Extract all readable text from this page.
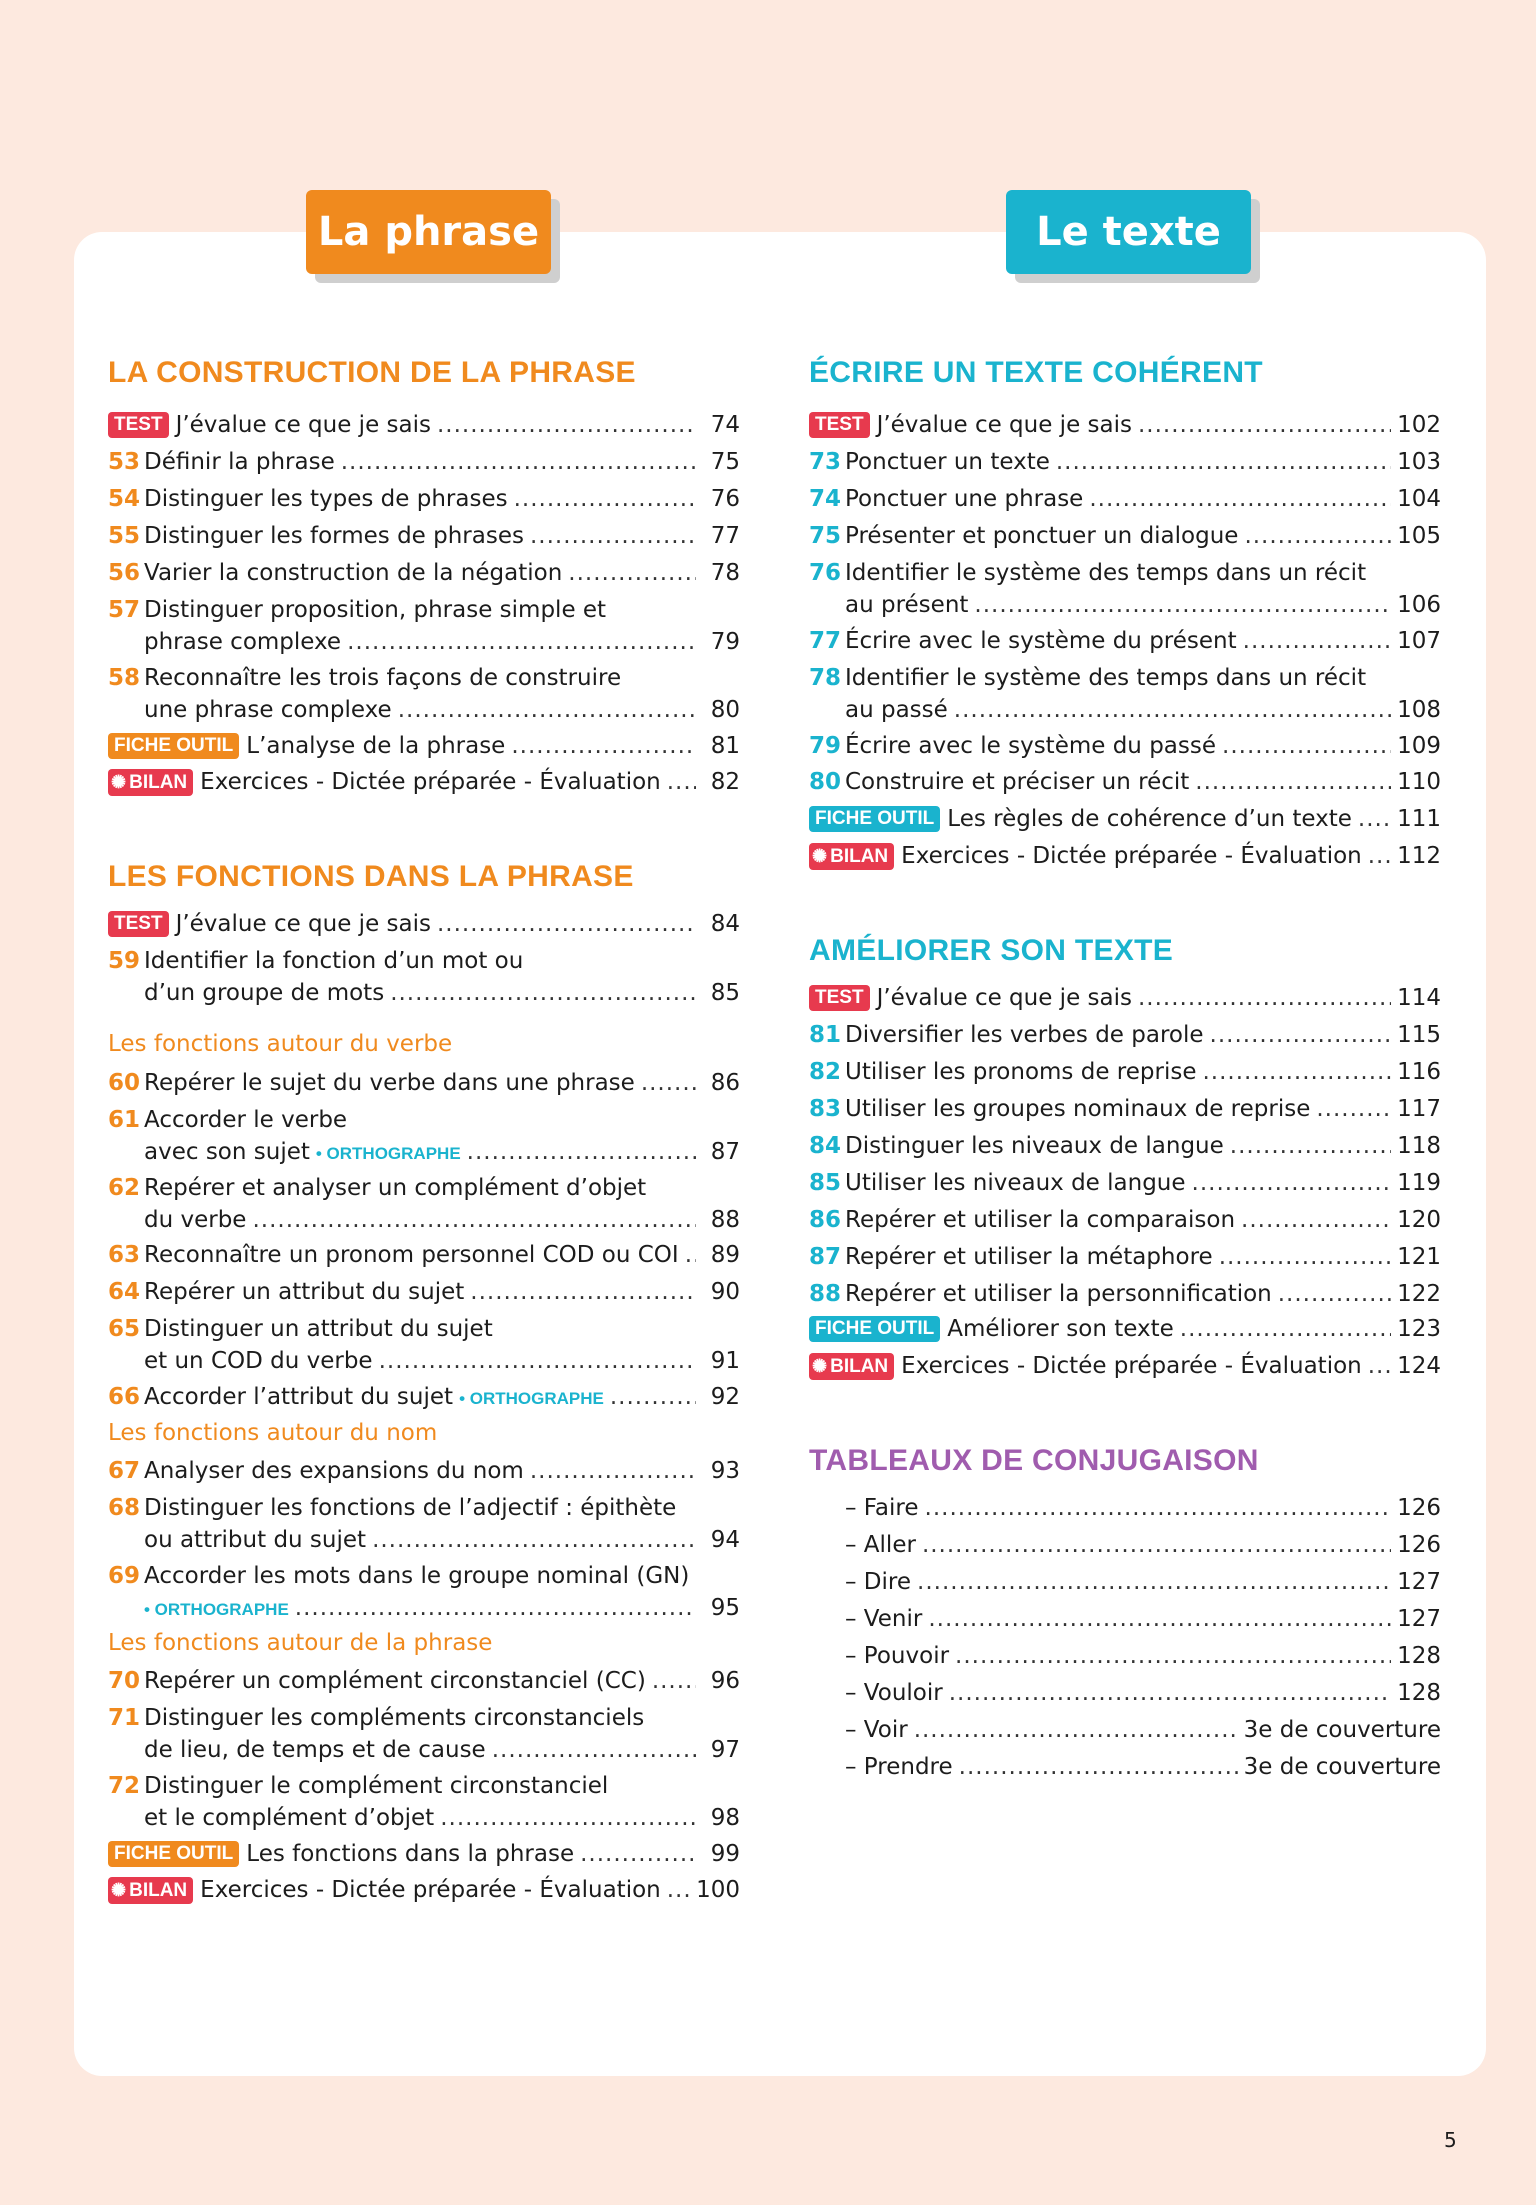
La phrase	Le texte
LA CONSTRUCTION DE LA PHRASE
TEST J’évalue ce que je sais .....	74
53 Définir la phrase .....	75
54 Distinguer les types de phrases .....	76
55 Distinguer les formes de phrases .....	77
56 Varier la construction de la négation .....	78
57 Distinguer proposition, phrase simple et
phrase complexe .....	79
58 Reconnaître les trois façons de construire
une phrase complexe .....	80
FICHE OUTIL L’analyse de la phrase .....	81
✺ BILAN Exercices - Dictée préparée - Évaluation .....	82
LES FONCTIONS DANS LA PHRASE
TEST J’évalue ce que je sais .....	84
59 Identifier la fonction d’un mot ou
d’un groupe de mots .....	85
Les fonctions autour du verbe
60 Repérer le sujet du verbe dans une phrase .....	86
61 Accorder le verbe
avec son sujet • ORTHOGRAPHE .....	87
62 Repérer et analyser un complément d’objet
du verbe .....	88
63 Reconnaître un pronom personnel COD ou COI .....	89
64 Repérer un attribut du sujet .....	90
65 Distinguer un attribut du sujet
et un COD du verbe .....	91
66 Accorder l’attribut du sujet • ORTHOGRAPHE .....	92
Les fonctions autour du nom
67 Analyser des expansions du nom .....	93
68 Distinguer les fonctions de l’adjectif : épithète
ou attribut du sujet .....	94
69 Accorder les mots dans le groupe nominal (GN)
• ORTHOGRAPHE .....	95
Les fonctions autour de la phrase
70 Repérer un complément circonstanciel (CC) .....	96
71 Distinguer les compléments circonstanciels
de lieu, de temps et de cause .....	97
72 Distinguer le complément circonstanciel
et le complément d’objet .....	98
FICHE OUTIL Les fonctions dans la phrase .....	99
✺ BILAN Exercices - Dictée préparée - Évaluation ..... 100
ÉCRIRE UN TEXTE COHÉRENT
TEST J’évalue ce que je sais .....	102
73 Ponctuer un texte .....	103
74 Ponctuer une phrase .....	104
75 Présenter et ponctuer un dialogue .....	105
76 Identifier le système des temps dans un récit
au présent .....	106
77 Écrire avec le système du présent .....	107
78 Identifier le système des temps dans un récit
au passé .....	108
79 Écrire avec le système du passé .....	109
80 Construire et préciser un récit .....	110
FICHE OUTIL Les règles de cohérence d’un texte ..... 111
✺ BILAN Exercices - Dictée préparée - Évaluation ..... 112
AMÉLIORER SON TEXTE
TEST J’évalue ce que je sais .....	114
81 Diversifier les verbes de parole .....	115
82 Utiliser les pronoms de reprise .....	116
83 Utiliser les groupes nominaux de reprise .....	117
84 Distinguer les niveaux de langue .....	118
85 Utiliser les niveaux de langue .....	119
86 Repérer et utiliser la comparaison .....	120
87 Repérer et utiliser la métaphore .....	121
88 Repérer et utiliser la personnification .....	122
FICHE OUTIL Améliorer son texte .....	123
✺ BILAN Exercices - Dictée préparée - Évaluation ..... 124
TABLEAUX DE CONJUGAISON
– Faire .....	126
– Aller .....	126
– Dire .....	127
– Venir .....	127
– Pouvoir .....	128
– Vouloir .....	128
– Voir .....	3e de couverture
– Prendre .....	3e de couverture
5
